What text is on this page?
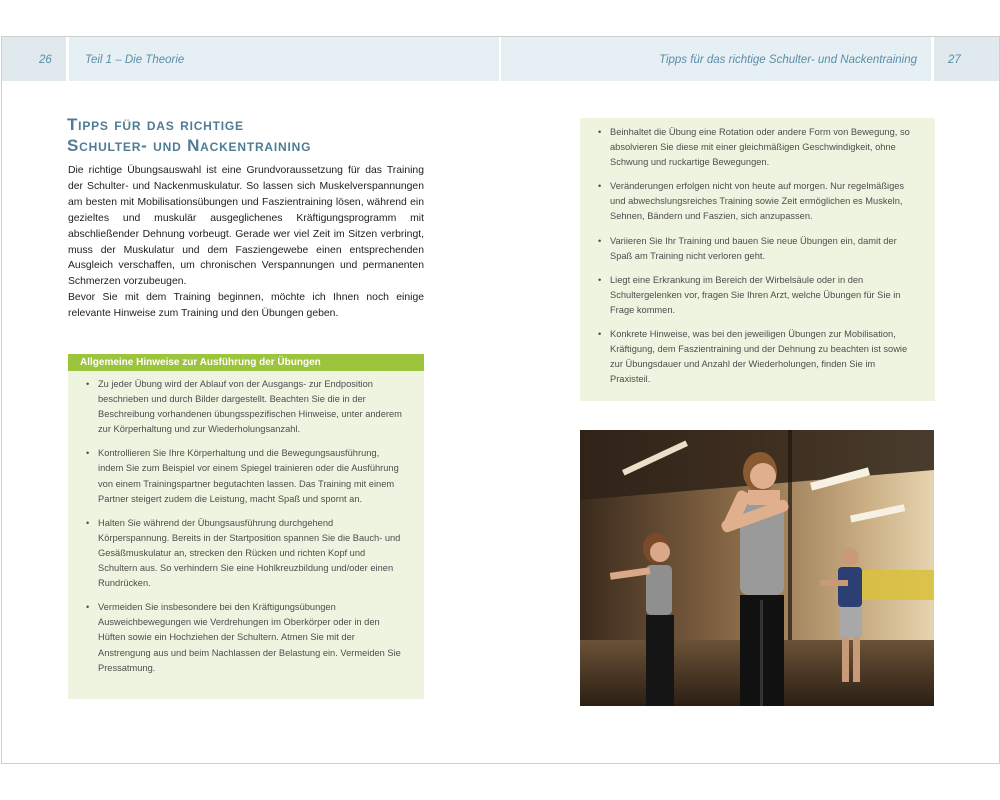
26	Teil 1 – Die Theorie	Tipps für das richtige Schulter- und Nackentraining	27
Tipps für das richtige
Schulter- und Nackentraining

Die richtige Übungsauswahl ist eine Grundvoraussetzung für das Training der Schulter- und Nackenmuskulatur. So lassen sich Muskelverspannungen am besten mit Mobilisationsübungen und Faszientraining lösen, während ein gezieltes und muskulär ausgeglichenes Kräftigungsprogramm mit abschließender Dehnung vorbeugt. Gerade wer viel Zeit im Sitzen verbringt, muss der Muskulatur und dem Fasziengewebe einen entsprechenden Ausgleich verschaffen, um chronischen Verspannungen und permanenten Schmerzen vorzubeugen.

Bevor Sie mit dem Training beginnen, möchte ich Ihnen noch einige relevante Hinweise zum Training und den Übungen geben.

Allgemeine Hinweise zur Ausführung der Übungen
• Zu jeder Übung wird der Ablauf von der Ausgangs- zur Endposition beschrieben und durch Bilder dargestellt. Beachten Sie die in der Beschreibung vorhandenen übungsspezifischen Hinweise, unter anderem zur Körperhaltung und zur Wiederholungsanzahl.
• Kontrollieren Sie Ihre Körperhaltung und die Bewegungsausführung, indem Sie zum Beispiel vor einem Spiegel trainieren oder die Ausführung von einem Trainingspartner begutachten lassen. Das Training mit einem Partner steigert zudem die Leistung, macht Spaß und spornt an.
• Halten Sie während der Übungsausführung durchgehend Körperspannung. Bereits in der Startposition spannen Sie die Bauch- und Gesäßmuskulatur an, strecken den Rücken und richten Kopf und Schultern aus. So verhindern Sie eine Hohlkreuzbildung und/oder einen Rundrücken.
• Vermeiden Sie insbesondere bei den Kräftigungsübungen Ausweichbewegungen wie Verdrehungen im Oberkörper oder in den Hüften sowie ein Hochziehen der Schultern. Atmen Sie mit der Anstrengung aus und beim Nachlassen der Belastung ein. Vermeiden Sie Pressatmung.
• Beinhaltet die Übung eine Rotation oder andere Form von Bewegung, so absolvieren Sie diese mit einer gleichmäßigen Geschwindigkeit, ohne Schwung und ruckartige Bewegungen.
• Veränderungen erfolgen nicht von heute auf morgen. Nur regelmäßiges und abwechslungsreiches Training sowie Zeit ermöglichen es Muskeln, Sehnen, Bändern und Faszien, sich anzupassen.
• Variieren Sie Ihr Training und bauen Sie neue Übungen ein, damit der Spaß am Training nicht verloren geht.
• Liegt eine Erkrankung im Bereich der Wirbelsäule oder in den Schultergelenken vor, fragen Sie Ihren Arzt, welche Übungen für Sie in Frage kommen.
• Konkrete Hinweise, was bei den jeweiligen Übungen zur Mobilisation, Kräftigung, dem Faszientraining und der Dehnung zu beachten ist sowie zur Übungsdauer und Anzahl der Wiederholungen, finden Sie im Praxisteil.
